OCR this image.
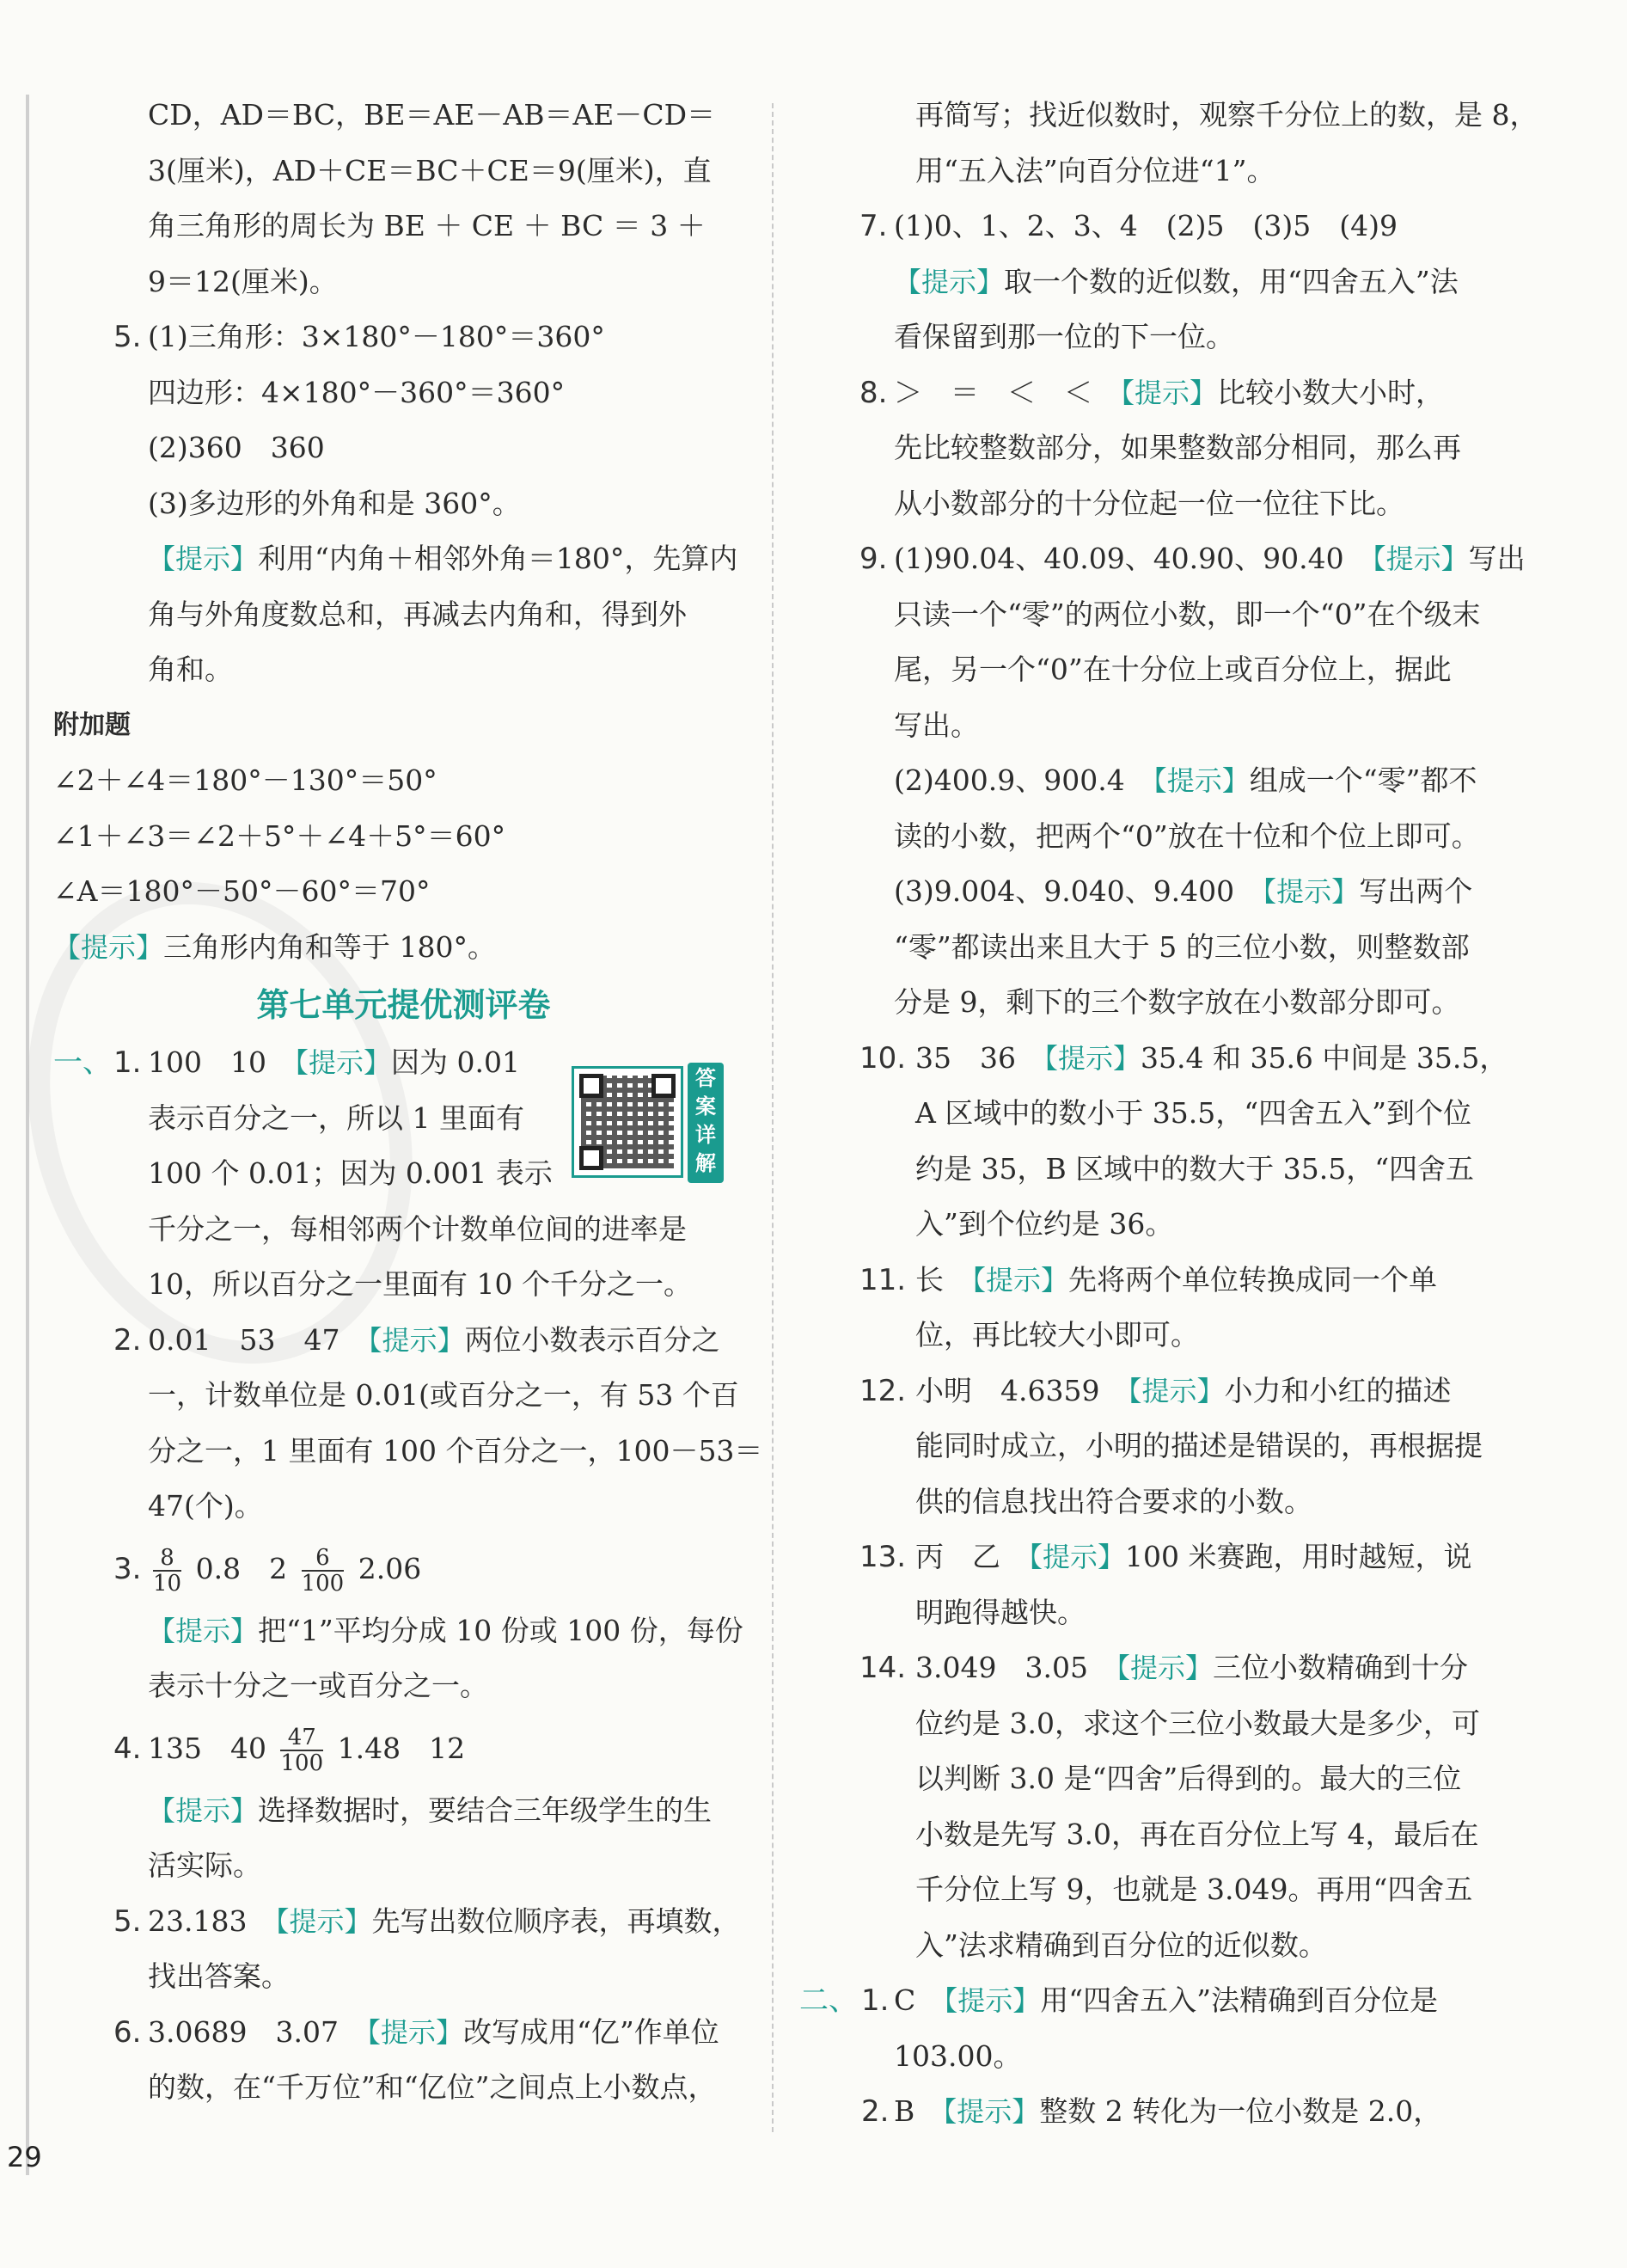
CD，AD＝BC，BE＝AE－AB＝AE－CD＝
3(厘米)，AD＋CE＝BC＋CE＝9(厘米)，直
角三角形的周长为 BE ＋ CE ＋ BC ＝ 3 ＋
9＝12(厘米)。
5. (1)三角形：3×180°－180°＝360°
四边形：4×180°－360°＝360°
(2)360　360
(3)多边形的外角和是 360°。
【提示】利用“内角＋相邻外角＝180°，先算内
角与外角度数总和，再减去内角和，得到外
角和。
附加题
∠2＋∠4＝180°－130°＝50°
∠1＋∠3＝∠2＋5°＋∠4＋5°＝60°
∠A＝180°－50°－60°＝70°
【提示】三角形内角和等于 180°。
第七单元提优测评卷
一、 1. 100　10　【提示】因为 0.01
表示百分之一，所以 1 里面有
100 个 0.01；因为 0.001 表示
千分之一，每相邻两个计数单位间的进率是
10，所以百分之一里面有 10 个千分之一。
2. 0.01　53　47　【提示】两位小数表示百分之
一，计数单位是 0.01(或百分之一，有 53 个百
分之一，1 里面有 100 个百分之一，100－53＝
47(个)。
3. $\frac{8}{10} 0.8$　$2 \frac{6}{100} 2.06$
【提示】把“1”平均分成 10 份或 100 份，每份
表示十分之一或百分之一。
4. 135　$40 \frac{47}{100} 1.48$　12
【提示】选择数据时，要结合三年级学生的生
活实际。
5. 23.183　【提示】先写出数位顺序表，再填数，
找出答案。
6. 3.0689　3.07　【提示】改写成用“亿”作单位
的数，在“千万位”和“亿位”之间点上小数点，
答案详解
再简写；找近似数时，观察千分位上的数，是 8，
用“五入法”向百分位进“1”。
7. (1)0、1、2、3、4　(2)5　(3)5　(4)9
【提示】取一个数的近似数，用“四舍五入”法
看保留到那一位的下一位。
8. ＞　＝　＜　＜　【提示】比较小数大小时，
先比较整数部分，如果整数部分相同，那么再
从小数部分的十分位起一位一位往下比。
9. (1)90.04、40.09、40.90、90.40　【提示】写出
只读一个“零”的两位小数，即一个“0”在个级末
尾，另一个“0”在十分位上或百分位上，据此
写出。
(2)400.9、900.4　【提示】组成一个“零”都不
读的小数，把两个“0”放在十位和个位上即可。
(3)9.004、9.040、9.400　【提示】写出两个
“零”都读出来且大于 5 的三位小数，则整数部
分是 9，剩下的三个数字放在小数部分即可。
10. 35　36　【提示】35.4 和 35.6 中间是 35.5，
A 区域中的数小于 35.5，“四舍五入”到个位
约是 35，B 区域中的数大于 35.5，“四舍五
入”到个位约是 36。
11. 长　【提示】先将两个单位转换成同一个单
位，再比较大小即可。
12. 小明　4.6359　【提示】小力和小红的描述
能同时成立，小明的描述是错误的，再根据提
供的信息找出符合要求的小数。
13. 丙　乙　【提示】100 米赛跑，用时越短，说
明跑得越快。
14. 3.049　3.05　【提示】三位小数精确到十分
位约是 3.0，求这个三位小数最大是多少，可
以判断 3.0 是“四舍”后得到的。最大的三位
小数是先写 3.0，再在百分位上写 4，最后在
千分位上写 9，也就是 3.049。再用“四舍五
入”法求精确到百分位的近似数。
二、 1. C　【提示】用“四舍五入”法精确到百分位是
103.00。
2. B　【提示】整数 2 转化为一位小数是 2.0，
29
